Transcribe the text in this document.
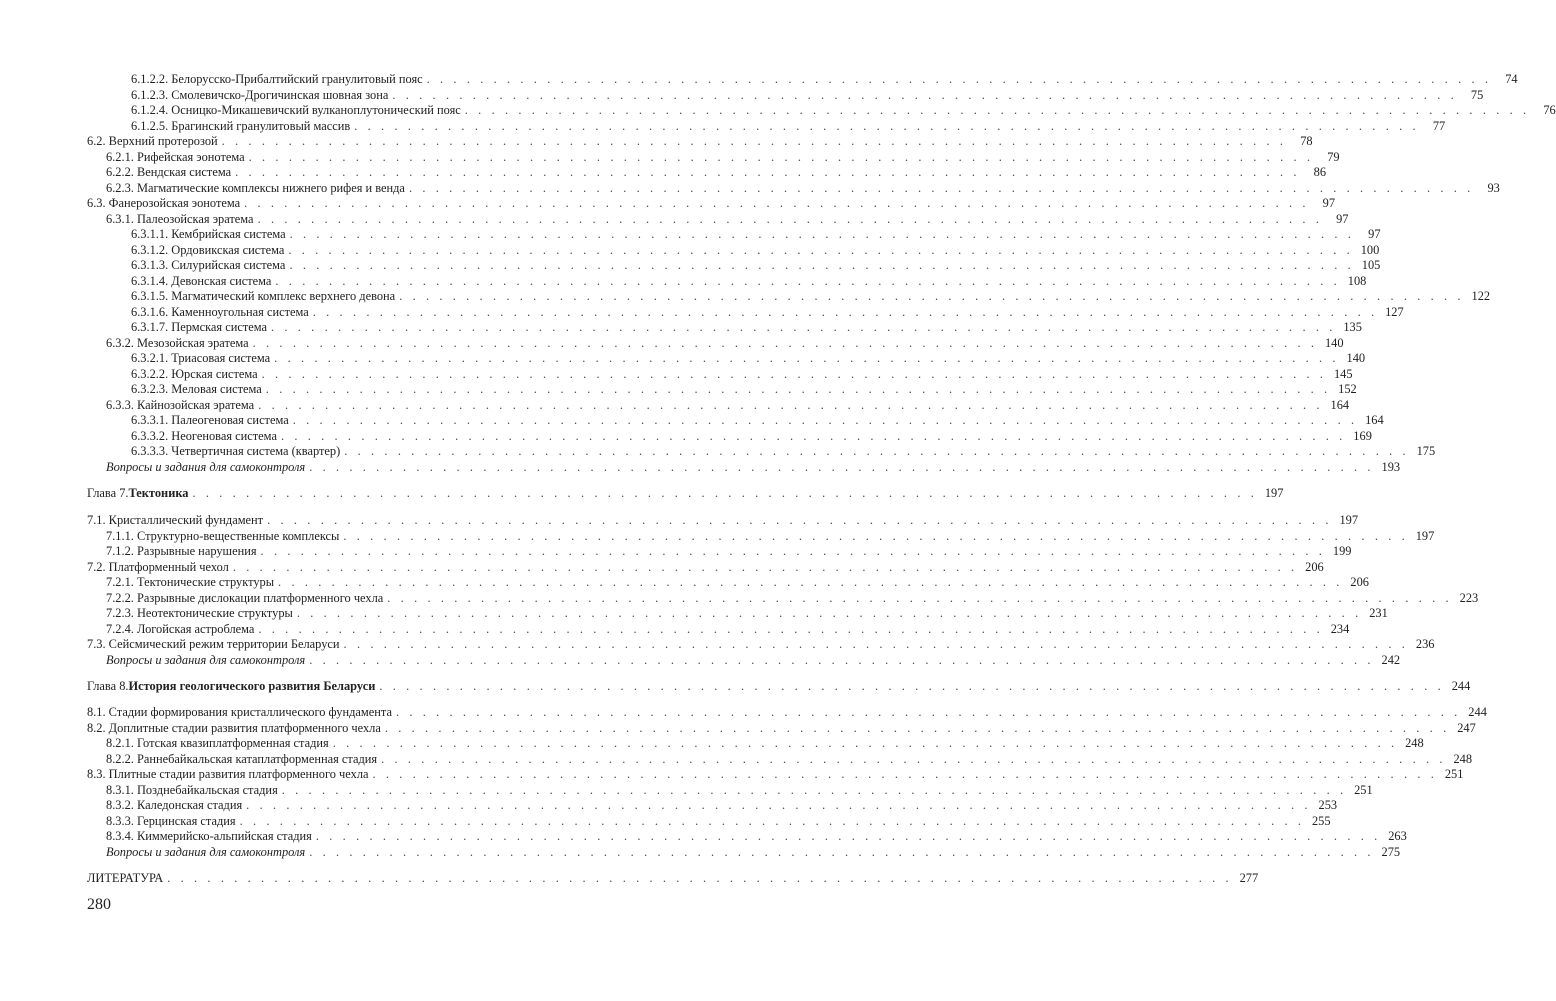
6.1.2.2. Белорусско-Прибалтийский гранулитовый пояс . . . . . . . . . . . . . . . . . . . . . . . . . . . . . . . . . . . . . . . . . . . . . . . . . . . . . . . . . . . . . . . . . . . . . . . . . . . . . . . .	74
6.1.2.3. Смолевичско-Дрогичинская шовная зона . . . . . . . . . . . . . . . . . . . . . . . . . . . . . . . . . . . . . . . . . . . . . . . . . . . . . . . . . . . . . . . . . . . . . . . . . . . . . . . .	75
6.1.2.4. Осницко-Микашевичский вулканоплутонический пояс . . . . . . . . . . . . . . . . . . . . . . . . . . . . . . . . . . . . . . . . . . . . . . . . . . . . . . . . . . . . . . . . . . . . . . . . . . . . . . . .	76
6.1.2.5. Брагинский гранулитовый массив . . . . . . . . . . . . . . . . . . . . . . . . . . . . . . . . . . . . . . . . . . . . . . . . . . . . . . . . . . . . . . . . . . . . . . . . . . . . . . . .	77
6.2. Верхний протерозой . . . . . . . . . . . . . . . . . . . . . . . . . . . . . . . . . . . . . . . . . . . . . . . . . . . . . . . . . . . . . . . . . . . . . . . . . . . . . . . .	78
6.2.1. Рифейская эонотема . . . . . . . . . . . . . . . . . . . . . . . . . . . . . . . . . . . . . . . . . . . . . . . . . . . . . . . . . . . . . . . . . . . . . . . . . . . . . . . .	79
6.2.2. Вендская система . . . . . . . . . . . . . . . . . . . . . . . . . . . . . . . . . . . . . . . . . . . . . . . . . . . . . . . . . . . . . . . . . . . . . . . . . . . . . . . .	86
6.2.3. Магматические комплексы нижнего рифея и венда . . . . . . . . . . . . . . . . . . . . . . . . . . . . . . . . . . . . . . . . . . . . . . . . . . . . . . . . . . . . . . . . . . . . . . . . . . . . . . . .	93
6.3. Фанерозойская эонотема . . . . . . . . . . . . . . . . . . . . . . . . . . . . . . . . . . . . . . . . . . . . . . . . . . . . . . . . . . . . . . . . . . . . . . . . . . . . . . . .	97
6.3.1. Палеозойская эратема . . . . . . . . . . . . . . . . . . . . . . . . . . . . . . . . . . . . . . . . . . . . . . . . . . . . . . . . . . . . . . . . . . . . . . . . . . . . . . . .	97
6.3.1.1. Кембрийская система . . . . . . . . . . . . . . . . . . . . . . . . . . . . . . . . . . . . . . . . . . . . . . . . . . . . . . . . . . . . . . . . . . . . . . . . . . . . . . . .	97
6.3.1.2. Ордовикская система . . . . . . . . . . . . . . . . . . . . . . . . . . . . . . . . . . . . . . . . . . . . . . . . . . . . . . . . . . . . . . . . . . . . . . . . . . . . . . . . 100
6.3.1.3. Силурийская система . . . . . . . . . . . . . . . . . . . . . . . . . . . . . . . . . . . . . . . . . . . . . . . . . . . . . . . . . . . . . . . . . . . . . . . . . . . . . . . . 105
6.3.1.4. Девонская система . . . . . . . . . . . . . . . . . . . . . . . . . . . . . . . . . . . . . . . . . . . . . . . . . . . . . . . . . . . . . . . . . . . . . . . . . . . . . . . . 108
6.3.1.5. Магматический комплекс верхнего девона . . . . . . . . . . . . . . . . . . . . . . . . . . . . . . . . . . . . . . . . . . . . . . . . . . . . . . . . . . . . . . . . . . . . . . . . . . . . . . . . 122
6.3.1.6. Каменноугольная система . . . . . . . . . . . . . . . . . . . . . . . . . . . . . . . . . . . . . . . . . . . . . . . . . . . . . . . . . . . . . . . . . . . . . . . . . . . . . . . . 127
6.3.1.7. Пермская система . . . . . . . . . . . . . . . . . . . . . . . . . . . . . . . . . . . . . . . . . . . . . . . . . . . . . . . . . . . . . . . . . . . . . . . . . . . . . . . . 135
6.3.2. Мезозойская эратема . . . . . . . . . . . . . . . . . . . . . . . . . . . . . . . . . . . . . . . . . . . . . . . . . . . . . . . . . . . . . . . . . . . . . . . . . . . . . . . . 140
6.3.2.1. Триасовая система . . . . . . . . . . . . . . . . . . . . . . . . . . . . . . . . . . . . . . . . . . . . . . . . . . . . . . . . . . . . . . . . . . . . . . . . . . . . . . . . 140
6.3.2.2. Юрская система . . . . . . . . . . . . . . . . . . . . . . . . . . . . . . . . . . . . . . . . . . . . . . . . . . . . . . . . . . . . . . . . . . . . . . . . . . . . . . . . 145
6.3.2.3. Меловая система . . . . . . . . . . . . . . . . . . . . . . . . . . . . . . . . . . . . . . . . . . . . . . . . . . . . . . . . . . . . . . . . . . . . . . . . . . . . . . . . 152
6.3.3. Кайнозойская эратема . . . . . . . . . . . . . . . . . . . . . . . . . . . . . . . . . . . . . . . . . . . . . . . . . . . . . . . . . . . . . . . . . . . . . . . . . . . . . . . . 164
6.3.3.1. Палеогеновая система . . . . . . . . . . . . . . . . . . . . . . . . . . . . . . . . . . . . . . . . . . . . . . . . . . . . . . . . . . . . . . . . . . . . . . . . . . . . . . . . 164
6.3.3.2. Неогеновая система . . . . . . . . . . . . . . . . . . . . . . . . . . . . . . . . . . . . . . . . . . . . . . . . . . . . . . . . . . . . . . . . . . . . . . . . . . . . . . . . 169
6.3.3.3. Четвертичная система (квартер) . . . . . . . . . . . . . . . . . . . . . . . . . . . . . . . . . . . . . . . . . . . . . . . . . . . . . . . . . . . . . . . . . . . . . . . . . . . . . . . . 175
Вопросы и задания для самоконтроля . . . . . . . . . . . . . . . . . . . . . . . . . . . . . . . . . . . . . . . . . . . . . . . . . . . . . . . . . . . . . . . . . . . . . . . . . . . . . . . . 193
Глава 7. Тектоника . . . . . . . . . . . . . . . . . . . . . . . . . . . . . . . . . . . . . . . . . . . . . . . . . . . . . . . . . . . . . . . . . . . . . . . . . . . . . . . . 197
7.1. Кристаллический фундамент . . . . . . . . . . . . . . . . . . . . . . . . . . . . . . . . . . . . . . . . . . . . . . . . . . . . . . . . . . . . . . . . . . . . . . . . . . . . . . . . 197
7.1.1. Структурно-вещественные комплексы . . . . . . . . . . . . . . . . . . . . . . . . . . . . . . . . . . . . . . . . . . . . . . . . . . . . . . . . . . . . . . . . . . . . . . . . . . . . . . . . 197
7.1.2. Разрывные нарушения . . . . . . . . . . . . . . . . . . . . . . . . . . . . . . . . . . . . . . . . . . . . . . . . . . . . . . . . . . . . . . . . . . . . . . . . . . . . . . . . 199
7.2. Платформенный чехол . . . . . . . . . . . . . . . . . . . . . . . . . . . . . . . . . . . . . . . . . . . . . . . . . . . . . . . . . . . . . . . . . . . . . . . . . . . . . . . . 206
7.2.1. Тектонические структуры . . . . . . . . . . . . . . . . . . . . . . . . . . . . . . . . . . . . . . . . . . . . . . . . . . . . . . . . . . . . . . . . . . . . . . . . . . . . . . . . 206
7.2.2. Разрывные дислокации платформенного чехла . . . . . . . . . . . . . . . . . . . . . . . . . . . . . . . . . . . . . . . . . . . . . . . . . . . . . . . . . . . . . . . . . . . . . . . . . . . . . . . . 223
7.2.3. Неотектонические структуры . . . . . . . . . . . . . . . . . . . . . . . . . . . . . . . . . . . . . . . . . . . . . . . . . . . . . . . . . . . . . . . . . . . . . . . . . . . . . . . . 231
7.2.4. Логойская астроблема . . . . . . . . . . . . . . . . . . . . . . . . . . . . . . . . . . . . . . . . . . . . . . . . . . . . . . . . . . . . . . . . . . . . . . . . . . . . . . . . 234
7.3. Сейсмический режим территории Беларуси . . . . . . . . . . . . . . . . . . . . . . . . . . . . . . . . . . . . . . . . . . . . . . . . . . . . . . . . . . . . . . . . . . . . . . . . . . . . . . . . 236
Вопросы и задания для самоконтроля . . . . . . . . . . . . . . . . . . . . . . . . . . . . . . . . . . . . . . . . . . . . . . . . . . . . . . . . . . . . . . . . . . . . . . . . . . . . . . . . 242
Глава 8. История геологического развития Беларуси . . . . . . . . . . . . . . . . . . . . . . . . . . . . . . . . . . . . . . . . . . . . . . . . . . . . . . . . . . . . . . . . . . . . . . . . . . . . . . . . 244
8.1. Стадии формирования кристаллического фундамента . . . . . . . . . . . . . . . . . . . . . . . . . . . . . . . . . . . . . . . . . . . . . . . . . . . . . . . . . . . . . . . . . . . . . . . . . . . . . . . . 244
8.2. Доплитные стадии развития платформенного чехла . . . . . . . . . . . . . . . . . . . . . . . . . . . . . . . . . . . . . . . . . . . . . . . . . . . . . . . . . . . . . . . . . . . . . . . . . . . . . . . . 247
8.2.1. Готская квазиплатформенная стадия . . . . . . . . . . . . . . . . . . . . . . . . . . . . . . . . . . . . . . . . . . . . . . . . . . . . . . . . . . . . . . . . . . . . . . . . . . . . . . . . 248
8.2.2. Раннебайкальская катаплатформенная стадия . . . . . . . . . . . . . . . . . . . . . . . . . . . . . . . . . . . . . . . . . . . . . . . . . . . . . . . . . . . . . . . . . . . . . . . . . . . . . . . . 248
8.3. Плитные стадии развития платформенного чехла . . . . . . . . . . . . . . . . . . . . . . . . . . . . . . . . . . . . . . . . . . . . . . . . . . . . . . . . . . . . . . . . . . . . . . . . . . . . . . . . 251
8.3.1. Позднебайкальская стадия . . . . . . . . . . . . . . . . . . . . . . . . . . . . . . . . . . . . . . . . . . . . . . . . . . . . . . . . . . . . . . . . . . . . . . . . . . . . . . . . 251
8.3.2. Каледонская стадия . . . . . . . . . . . . . . . . . . . . . . . . . . . . . . . . . . . . . . . . . . . . . . . . . . . . . . . . . . . . . . . . . . . . . . . . . . . . . . . . 253
8.3.3. Герцинская стадия . . . . . . . . . . . . . . . . . . . . . . . . . . . . . . . . . . . . . . . . . . . . . . . . . . . . . . . . . . . . . . . . . . . . . . . . . . . . . . . . 255
8.3.4. Киммерийско-альпийская стадия . . . . . . . . . . . . . . . . . . . . . . . . . . . . . . . . . . . . . . . . . . . . . . . . . . . . . . . . . . . . . . . . . . . . . . . . . . . . . . . . 263
Вопросы и задания для самоконтроля . . . . . . . . . . . . . . . . . . . . . . . . . . . . . . . . . . . . . . . . . . . . . . . . . . . . . . . . . . . . . . . . . . . . . . . . . . . . . . . . 275
ЛИТЕРАТУРА . . . . . . . . . . . . . . . . . . . . . . . . . . . . . . . . . . . . . . . . . . . . . . . . . . . . . . . . . . . . . . . . . . . . . . . . . . . . . . . . 277
280
